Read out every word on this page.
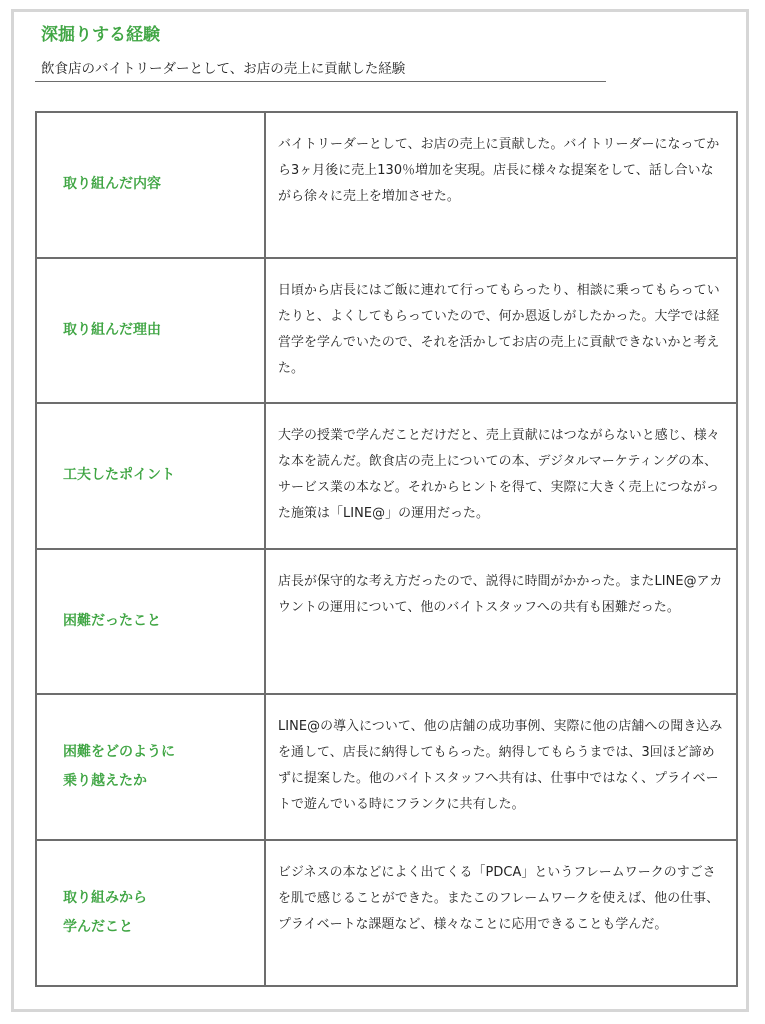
深掘りする経験

飲食店のバイトリーダーとして、お店の売上に貢献した経験

取り組んだ内容	バイトリーダーとして、お店の売上に貢献した。バイトリーダーになってから3ヶ月後に売上130％増加を実現。店長に様々な提案をして、話し合いながら徐々に売上を増加させた。

取り組んだ理由	日頃から店長にはご飯に連れて行ってもらったり、相談に乗ってもらっていたりと、よくしてもらっていたので、何か恩返しがしたかった。大学では経営学を学んでいたので、それを活かしてお店の売上に貢献できないかと考えた。

工夫したポイント	大学の授業で学んだことだけだと、売上貢献にはつながらないと感じ、様々な本を読んだ。飲食店の売上についての本、デジタルマーケティングの本、サービス業の本など。それからヒントを得て、実際に大きく売上につながった施策は「LINE@」の運用だった。

困難だったこと	店長が保守的な考え方だったので、説得に時間がかかった。またLINE@アカウントの運用について、他のバイトスタッフへの共有も困難だった。

困難をどのように
乗り越えたか	LINE@の導入について、他の店舗の成功事例、実際に他の店舗への聞き込みを通して、店長に納得してもらった。納得してもらうまでは、3回ほど諦めずに提案した。他のバイトスタッフへ共有は、仕事中ではなく、プライベートで遊んでいる時にフランクに共有した。

取り組みから
学んだこと	ビジネスの本などによく出てくる「PDCA」というフレームワークのすごさを肌で感じることができた。またこのフレームワークを使えば、他の仕事、プライベートな課題など、様々なことに応用できることも学んだ。
